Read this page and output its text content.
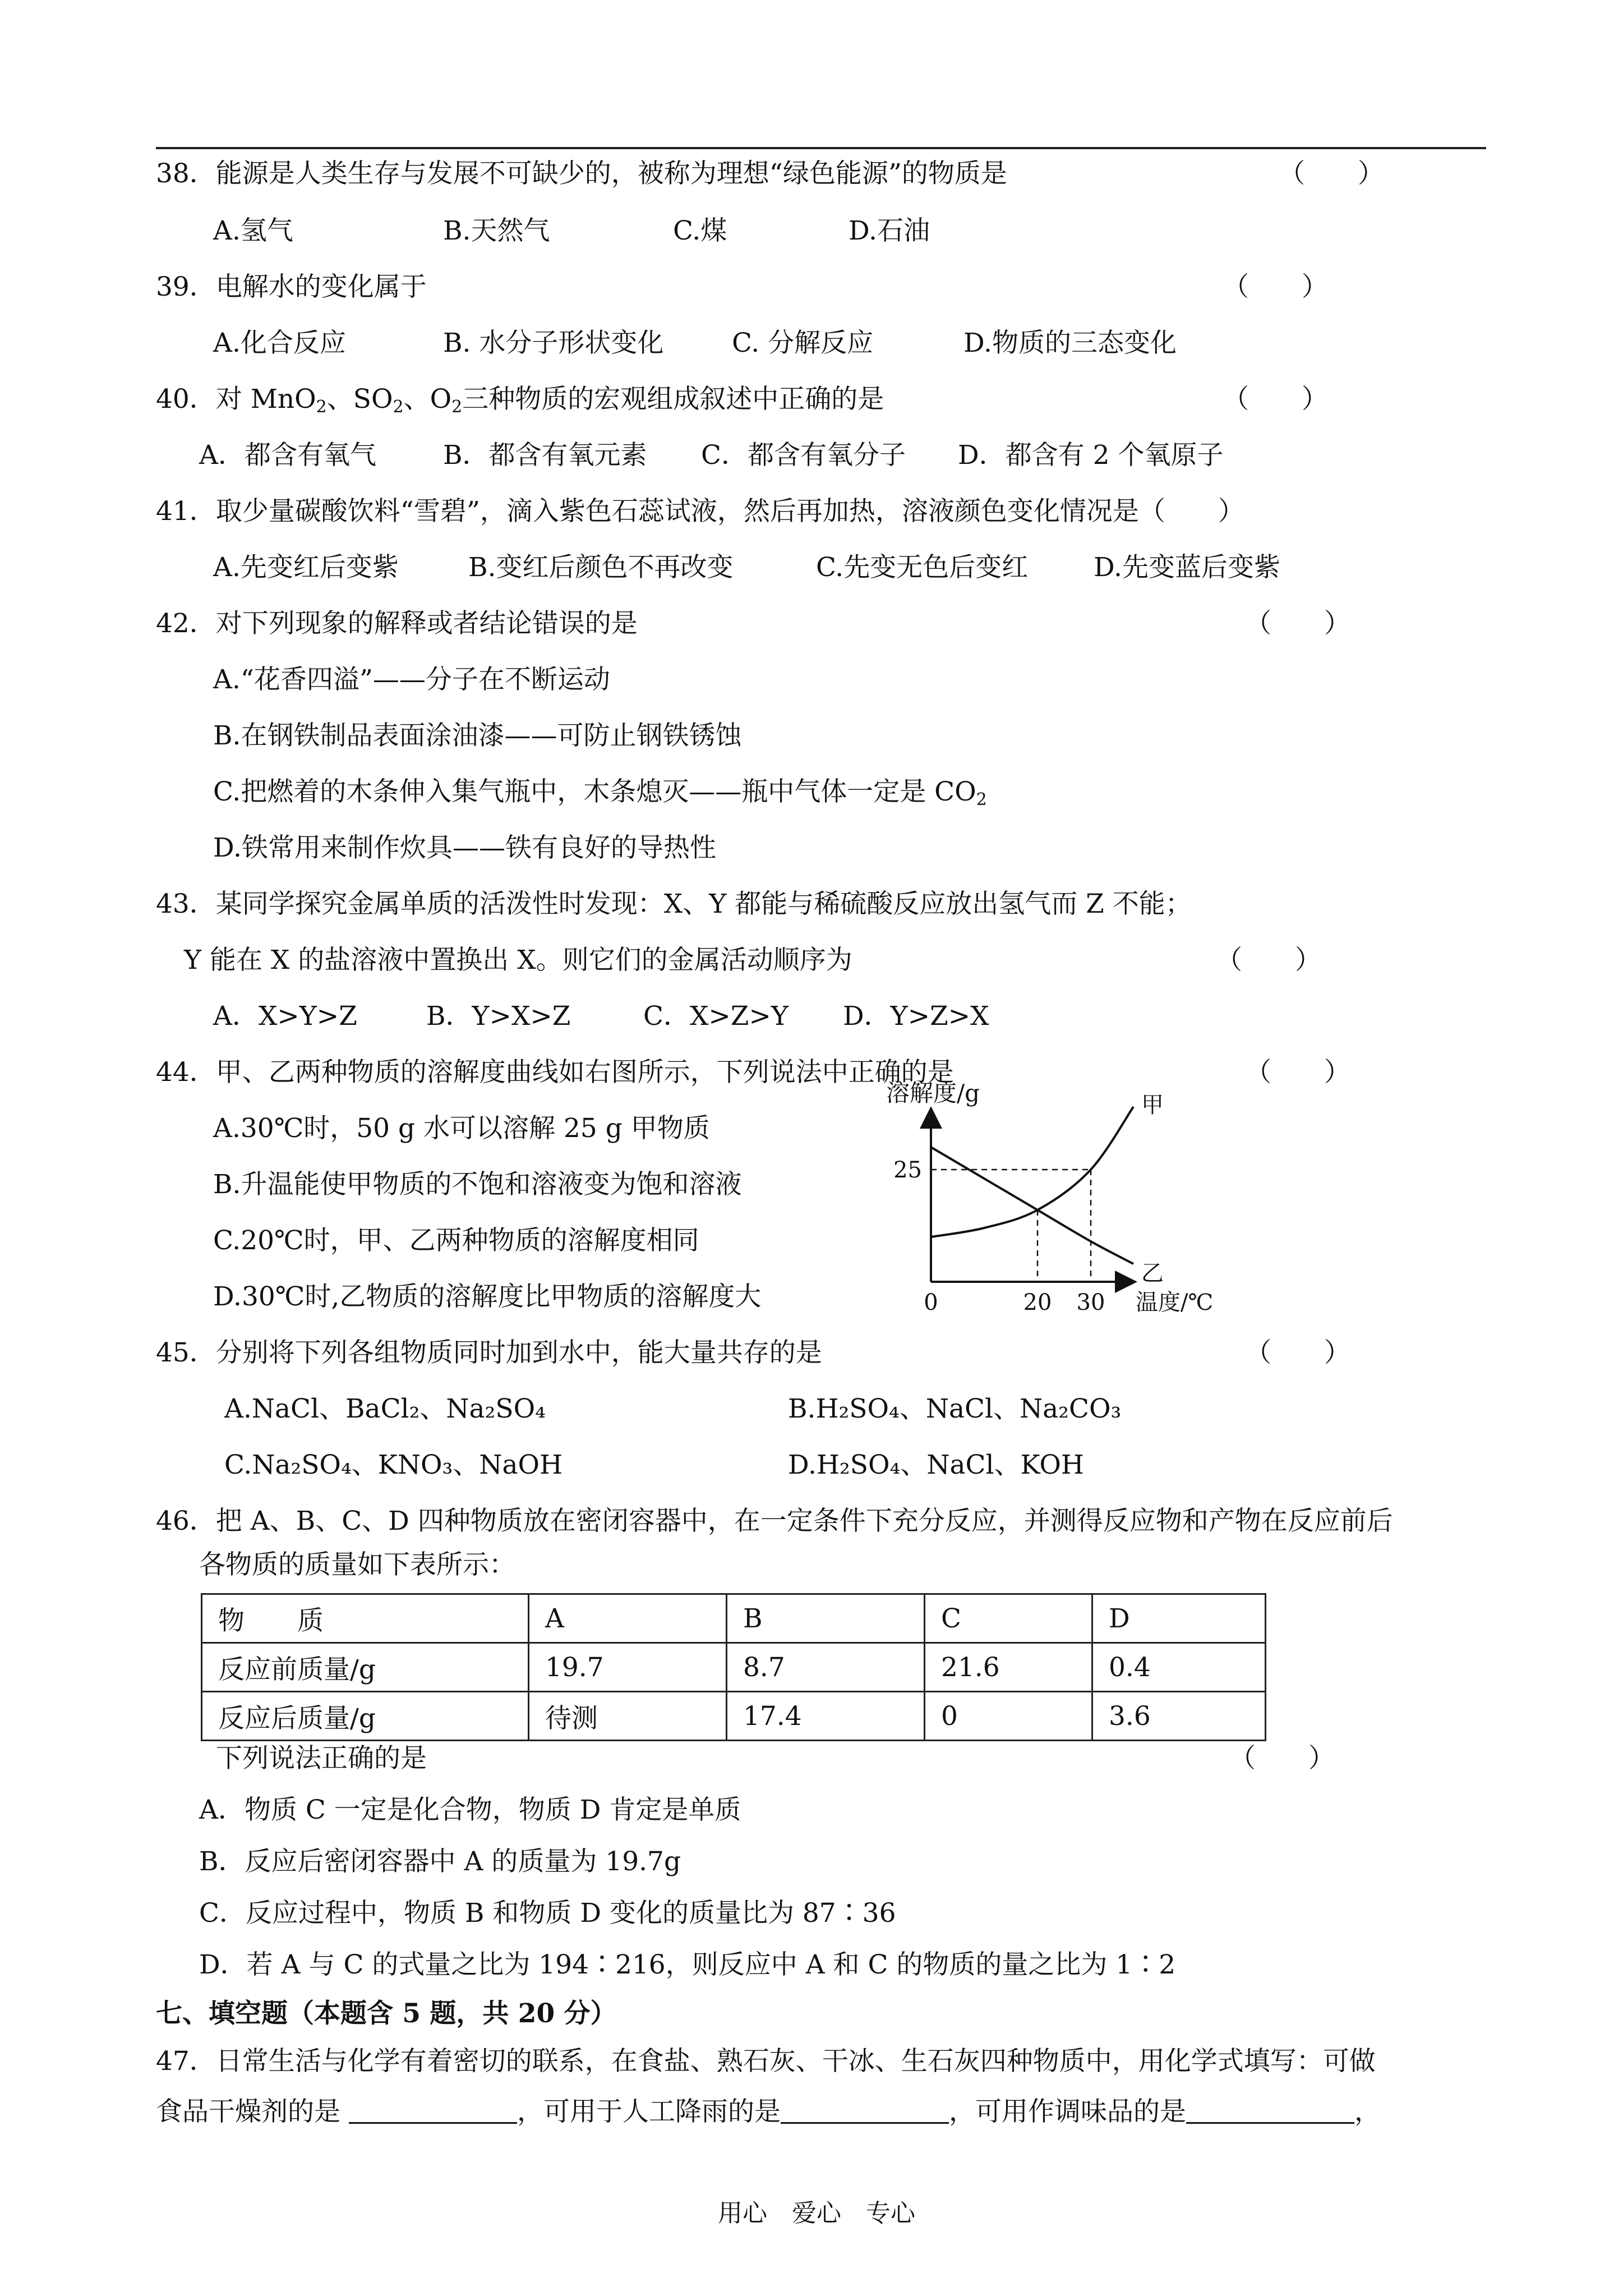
38．能源是人类生存与发展不可缺少的，被称为理想“绿色能源”的物质是	（　　）
A.氢气	B.天然气	C.煤	D.石油
39．电解水的变化属于	（　　）
A.化合反应	B. 水分子形状变化	C. 分解反应	D.物质的三态变化
40．对 MnO$_2$、$SO_2$、$O_2$三种物质的宏观组成叙述中正确的是	（　　）
A．都含有氧气	B．都含有氧元素 C．都含有氧分子 D．都含有 2 个氧原子
41．取少量碳酸饮料“雪碧”，滴入紫色石蕊试液，然后再加热，溶液颜色变化情况是（　　）
A.先变红后变紫	B.变红后颜色不再改变	C.先变无色后变红 D.先变蓝后变紫
42．对下列现象的解释或者结论错误的是	（　　）
A.“花香四溢”——分子在不断运动
B.在钢铁制品表面涂油漆——可防止钢铁锈蚀
C.把燃着的木条伸入集气瓶中，木条熄灭——瓶中气体一定是 $CO_2$
D.铁常用来制作炊具——铁有良好的导热性
43．某同学探究金属单质的活泼性时发现：X、Y 都能与稀硫酸反应放出氢气而 Z 不能；
Y 能在 X 的盐溶液中置换出 X。则它们的金属活动顺序为	（　　）
A．X>Y>Z	B．Y>X>Z	C．X>Z>Y D．Y>Z>X
44．甲、乙两种物质的溶解度曲线如右图所示，下列说法中正确的是	（　　）
A.30℃时，50 g 水可以溶解 25 g 甲物质
B.升温能使甲物质的不饱和溶液变为饱和溶液
C.20℃时，甲、乙两种物质的溶解度相同
D.30℃时,乙物质的溶解度比甲物质的溶解度大
溶解度/g	甲
乙
0	20 30
25
温度/℃
45．分别将下列各组物质同时加到水中，能大量共存的是	（　　）
A.NaCl、BaCl₂、Na₂SO₄	B.H₂SO₄、NaCl、Na₂CO₃
C.Na₂SO₄、KNO₃、NaOH	D.H₂SO₄、NaCl、KOH
46．把 A、B、C、D 四种物质放在密闭容器中，在一定条件下充分反应，并测得反应物和产物在反应前后
各物质的质量如下表所示：
物　　质	A	B	C	D
反应前质量/g	19.7	8.7	21.6	0.4
反应后质量/g	待测	17.4	0	3.6
下列说法正确的是	（　　）
A．物质 C 一定是化合物，物质 D 肯定是单质
B．反应后密闭容器中 A 的质量为 19.7g
C．反应过程中，物质 B 和物质 D 变化的质量比为 87∶36
D．若 A 与 C 的式量之比为 194∶216，则反应中 A 和 C 的物质的量之比为 1∶2
七、填空题（本题含 5 题，共 20 分）
47．日常生活与化学有着密切的联系，在食盐、熟石灰、干冰、生石灰四种物质中，用化学式填写：可做
食品干燥剂的是	，可用于人工降雨的是	，可用作调味品的是	，
用心　爱心　专心
